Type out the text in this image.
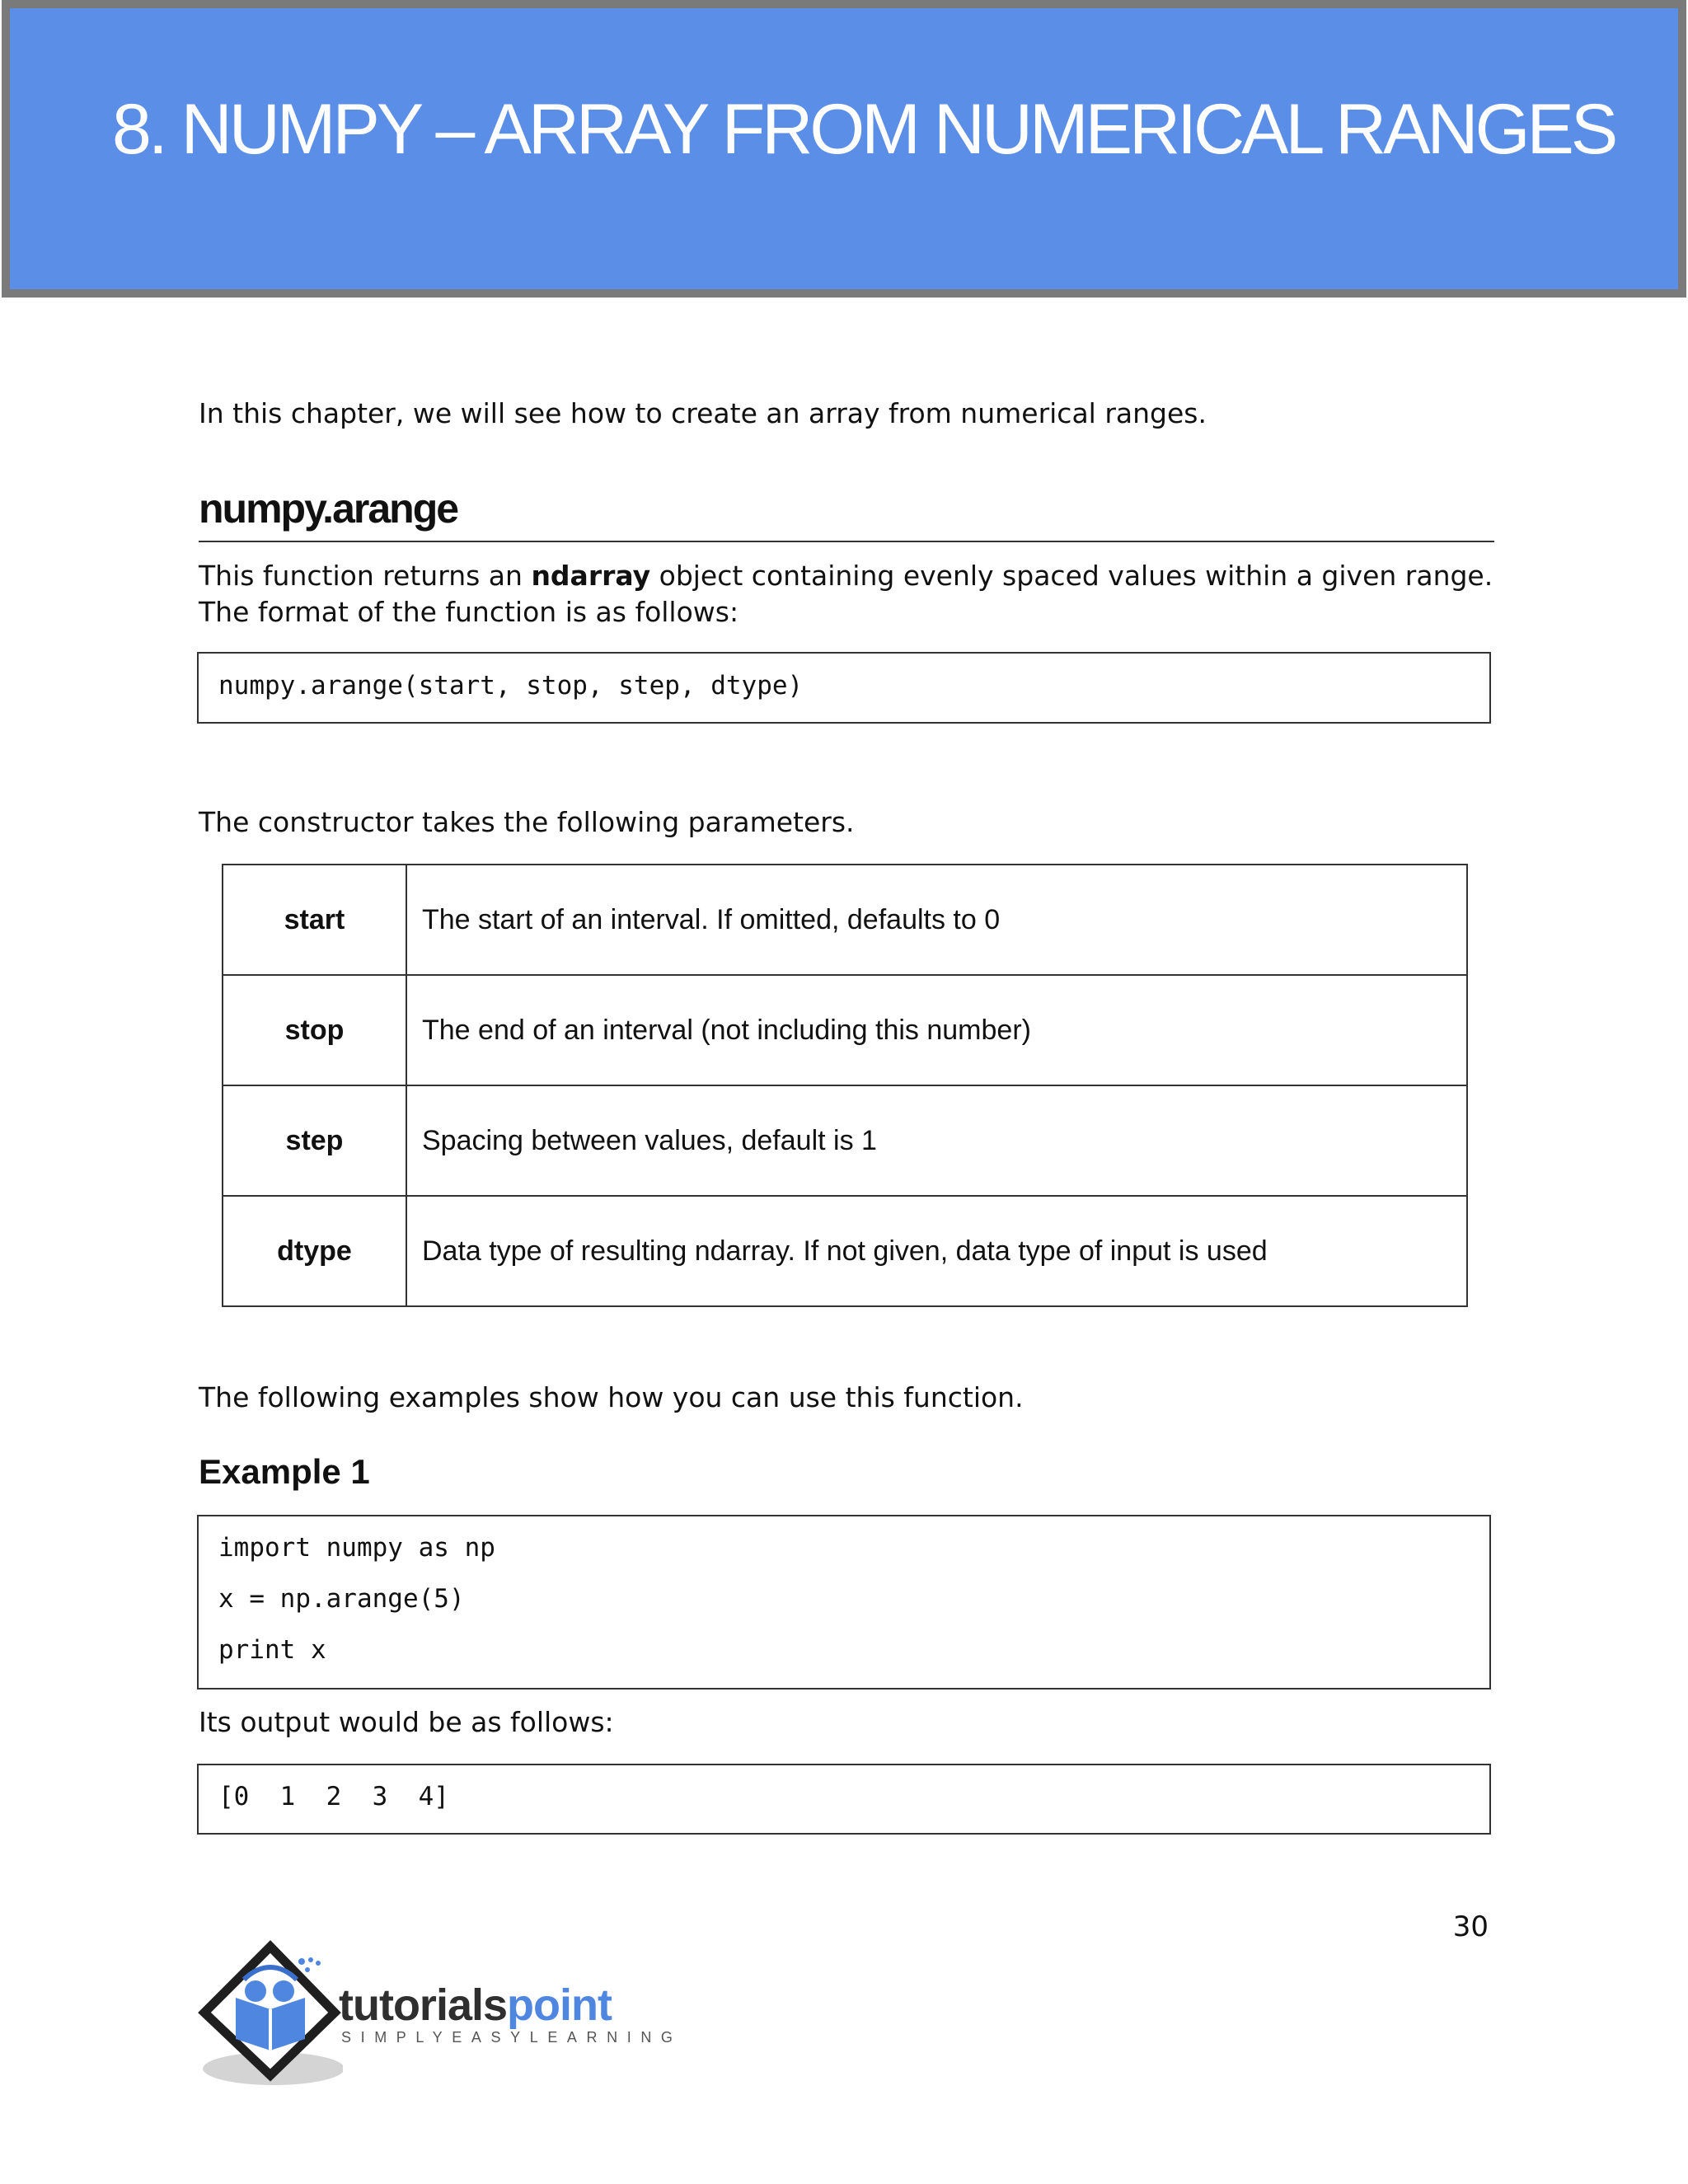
8. NUMPY – ARRAY FROM NUMERICAL RANGES

In this chapter, we will see how to create an array from numerical ranges.

numpy.arange

This function returns an ndarray object containing evenly spaced values within a given range.

The format of the function is as follows:

numpy.arange(start, stop, step, dtype)

The constructor takes the following parameters.

start	The start of an interval. If omitted, defaults to 0
stop	The end of an interval (not including this number)
step	Spacing between values, default is 1
dtype	Data type of resulting ndarray. If not given, data type of input is used

The following examples show how you can use this function.

Example 1
import numpy as np
x = np.arange(5)
print x

Its output would be as follows:

[0  1  2  3  4]
30
tutorialspoint
SIMPLYEASYLEARNING
